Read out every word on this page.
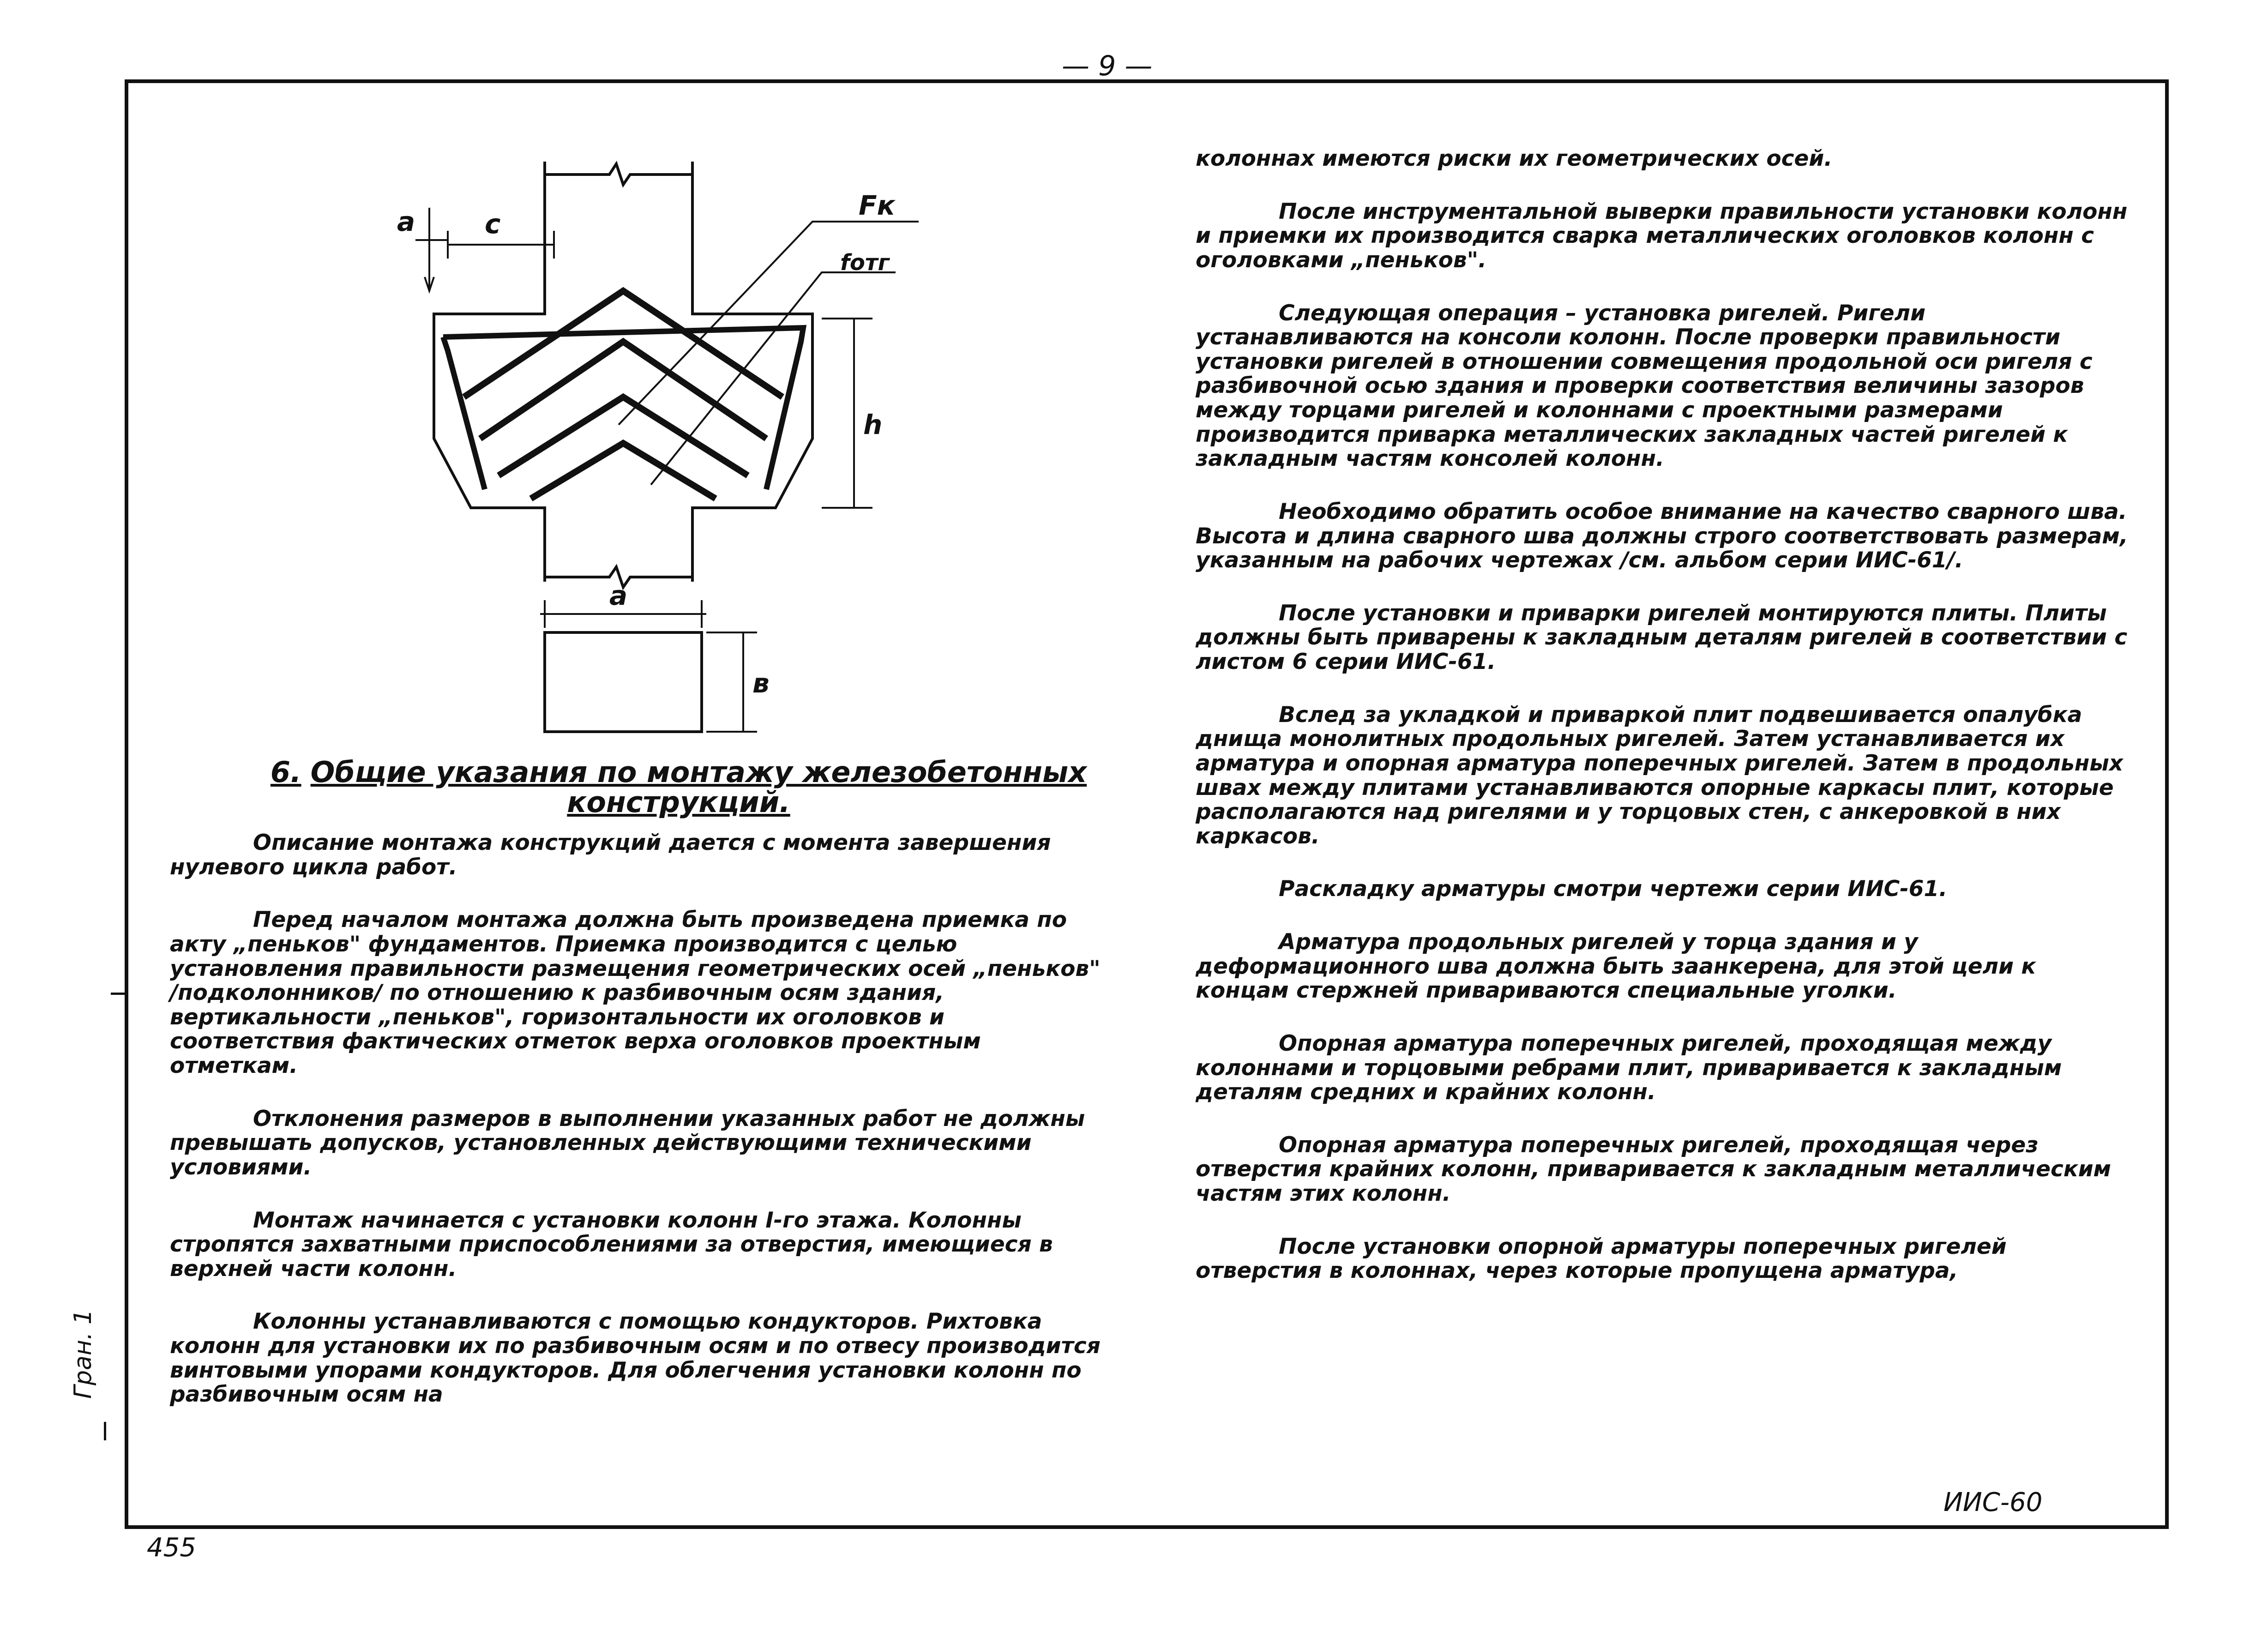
— 9 —
Гран. 1
455
а	с
Fк
fотг
h
а
в
6. Общие указания по монтажу железобетонных
конструкций.

Описание монтажа конструкций дается с момента завершения нулевого цикла работ.

Перед началом монтажа должна быть произведена приемка по акту „пеньков" фундаментов. Приемка производится с целью установления правильности размещения геометрических осей „пеньков" /подколонников/ по отношению к разбивочным осям здания, вертикальности „пеньков", горизонтальности их оголовков и соответствия фактических отметок верха оголовков проектным отметкам.

Отклонения размеров в выполнении указанных работ не должны превышать допусков, установленных действующими техническими условиями.

Монтаж начинается с установки колонн I-го этажа. Колонны стропятся захватными приспособлениями за отверстия, имеющиеся в верхней части колонн.

Колонны устанавливаются с помощью кондукторов. Рихтовка колонн для установки их по разбивочным осям и по отвесу производится винтовыми упорами кондукторов. Для облегчения установки колонн по разбивочным осям на

колоннах имеются риски их геометрических осей.

После инструментальной выверки правильности установки колонн и приемки их производится сварка металлических оголовков колонн с оголовками „пеньков".

Следующая операция – установка ригелей. Ригели устанавливаются на консоли колонн. После проверки правильности установки ригелей в отношении совмещения продольной оси ригеля с разбивочной осью здания и проверки соответствия величины зазоров между торцами ригелей и колоннами с проектными размерами производится приварка металлических закладных частей ригелей к закладным частям консолей колонн.

Необходимо обратить особое внимание на качество сварного шва. Высота и длина сварного шва должны строго соответствовать размерам, указанным на рабочих чертежах /см. альбом серии ИИС-61/.

После установки и приварки ригелей монтируются плиты. Плиты должны быть приварены к закладным деталям ригелей в соответствии с листом 6 серии ИИС-61.

Вслед за укладкой и приваркой плит подвешивается опалубка днища монолитных продольных ригелей. Затем устанавливается их арматура и опорная арматура поперечных ригелей. Затем в продольных швах между плитами устанавливаются опорные каркасы плит, которые располагаются над ригелями и у торцовых стен, с анкеровкой в них каркасов.

Раскладку арматуры смотри чертежи серии ИИС-61.

Арматура продольных ригелей у торца здания и у деформационного шва должна быть заанкерена, для этой цели к концам стержней привариваются специальные уголки.

Опорная арматура поперечных ригелей, проходящая между колоннами и торцовыми ребрами плит, приваривается к закладным деталям средних и крайних колонн.

Опорная арматура поперечных ригелей, проходящая через отверстия крайних колонн, приваривается к закладным металлическим частям этих колонн.

После установки опорной арматуры поперечных ригелей отверстия в колоннах, через которые пропущена арматура,

ИИС-60
